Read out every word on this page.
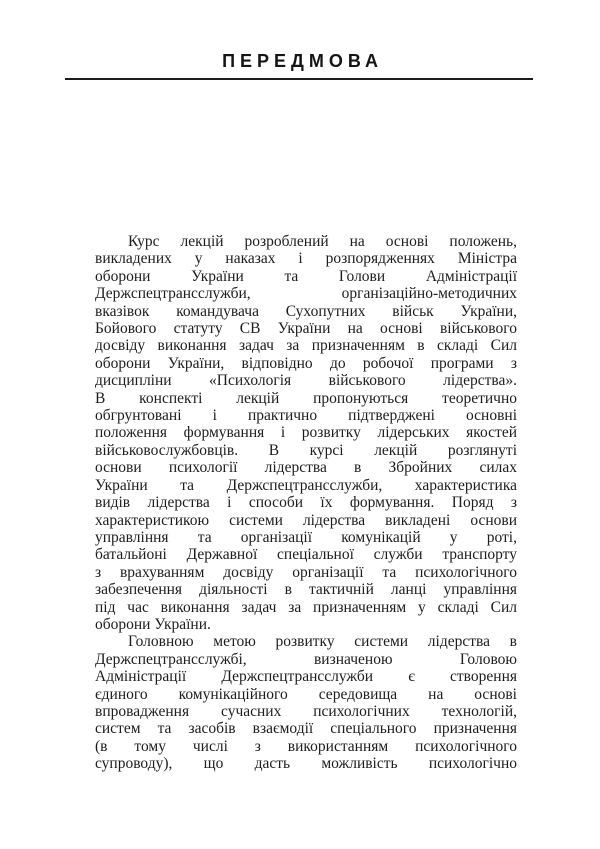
ПЕРЕДМОВА
Курс лекцій розроблений на основі положень,
викладених у наказах і розпорядженнях Міністра
оборони України та Голови Адміністрації
Держспецтрансслужби, організаційно-методичних
вказівок командувача Сухопутних військ України,
Бойового статуту СВ України на основі військового
досвіду виконання задач за призначенням в складі Сил
оборони України, відповідно до робочої програми з
дисципліни «Психологія військового лідерства».
В конспекті лекцій пропонуються теоретично
обгрунтовані і практично підтверджені основні
положення формування і розвитку лідерських якостей
військовослужбовців. В курсі лекцій розглянуті
основи психології лідерства в Збройних силах
України та Держспецтрансслужби, характеристика
видів лідерства і способи їх формування. Поряд з
характеристикою системи лідерства викладені основи
управління та організації комунікацій у роті,
батальйоні Державної спеціальної служби транспорту
з врахуванням досвіду організації та психологічного
забезпечення діяльності в тактичній ланці управління
під час виконання задач за призначенням у складі Сил
оборони України.
Головною метою розвитку системи лідерства в
Держспецтрансслужбі, визначеною Головою
Адміністрації Держспецтрансслужби є створення
єдиного комунікаційного середовища на основі
впровадження сучасних психологічних технологій,
систем та засобів взаємодії спеціального призначення
(в тому числі з використанням психологічного
супроводу), що дасть можливість психологічно
